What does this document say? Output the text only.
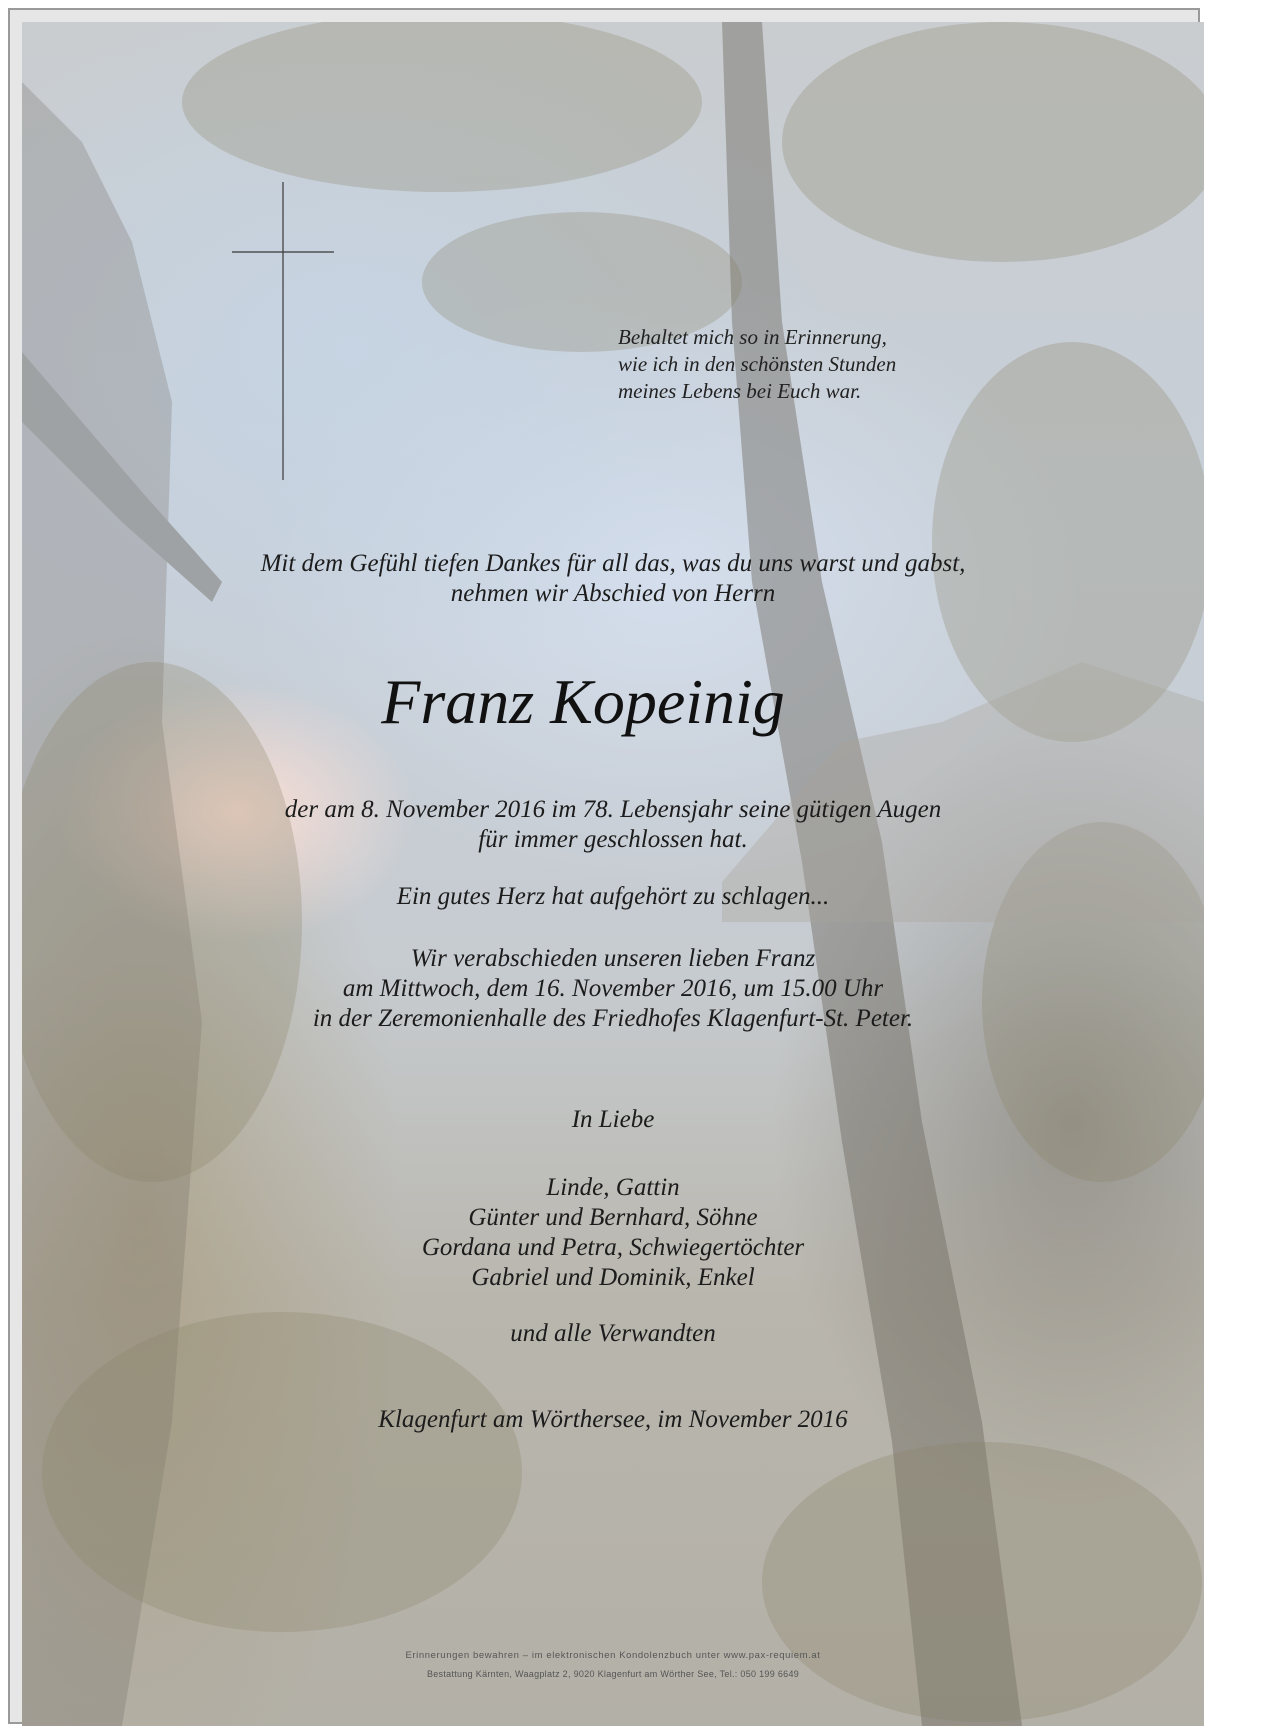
Behaltet mich so in Erinnerung,
wie ich in den schönsten Stunden
meines Lebens bei Euch war.
Mit dem Gefühl tiefen Dankes für all das, was du uns warst und gabst,
nehmen wir Abschied von Herrn
Franz Kopeinig
der am 8. November 2016 im 78. Lebensjahr seine gütigen Augen
für immer geschlossen hat.
Ein gutes Herz hat aufgehört zu schlagen...
Wir verabschieden unseren lieben Franz
am Mittwoch, dem 16. November 2016, um 15.00 Uhr
in der Zeremonienhalle des Friedhofes Klagenfurt-St. Peter.
In Liebe
Linde, Gattin
Günter und Bernhard, Söhne
Gordana und Petra, Schwiegertöchter
Gabriel und Dominik, Enkel
und alle Verwandten
Klagenfurt am Wörthersee, im November 2016
Erinnerungen bewahren – im elektronischen Kondolenzbuch unter www.pax-requiem.at
Bestattung Kärnten, Waagplatz 2, 9020 Klagenfurt am Wörther See, Tel.: 050 199 6649
